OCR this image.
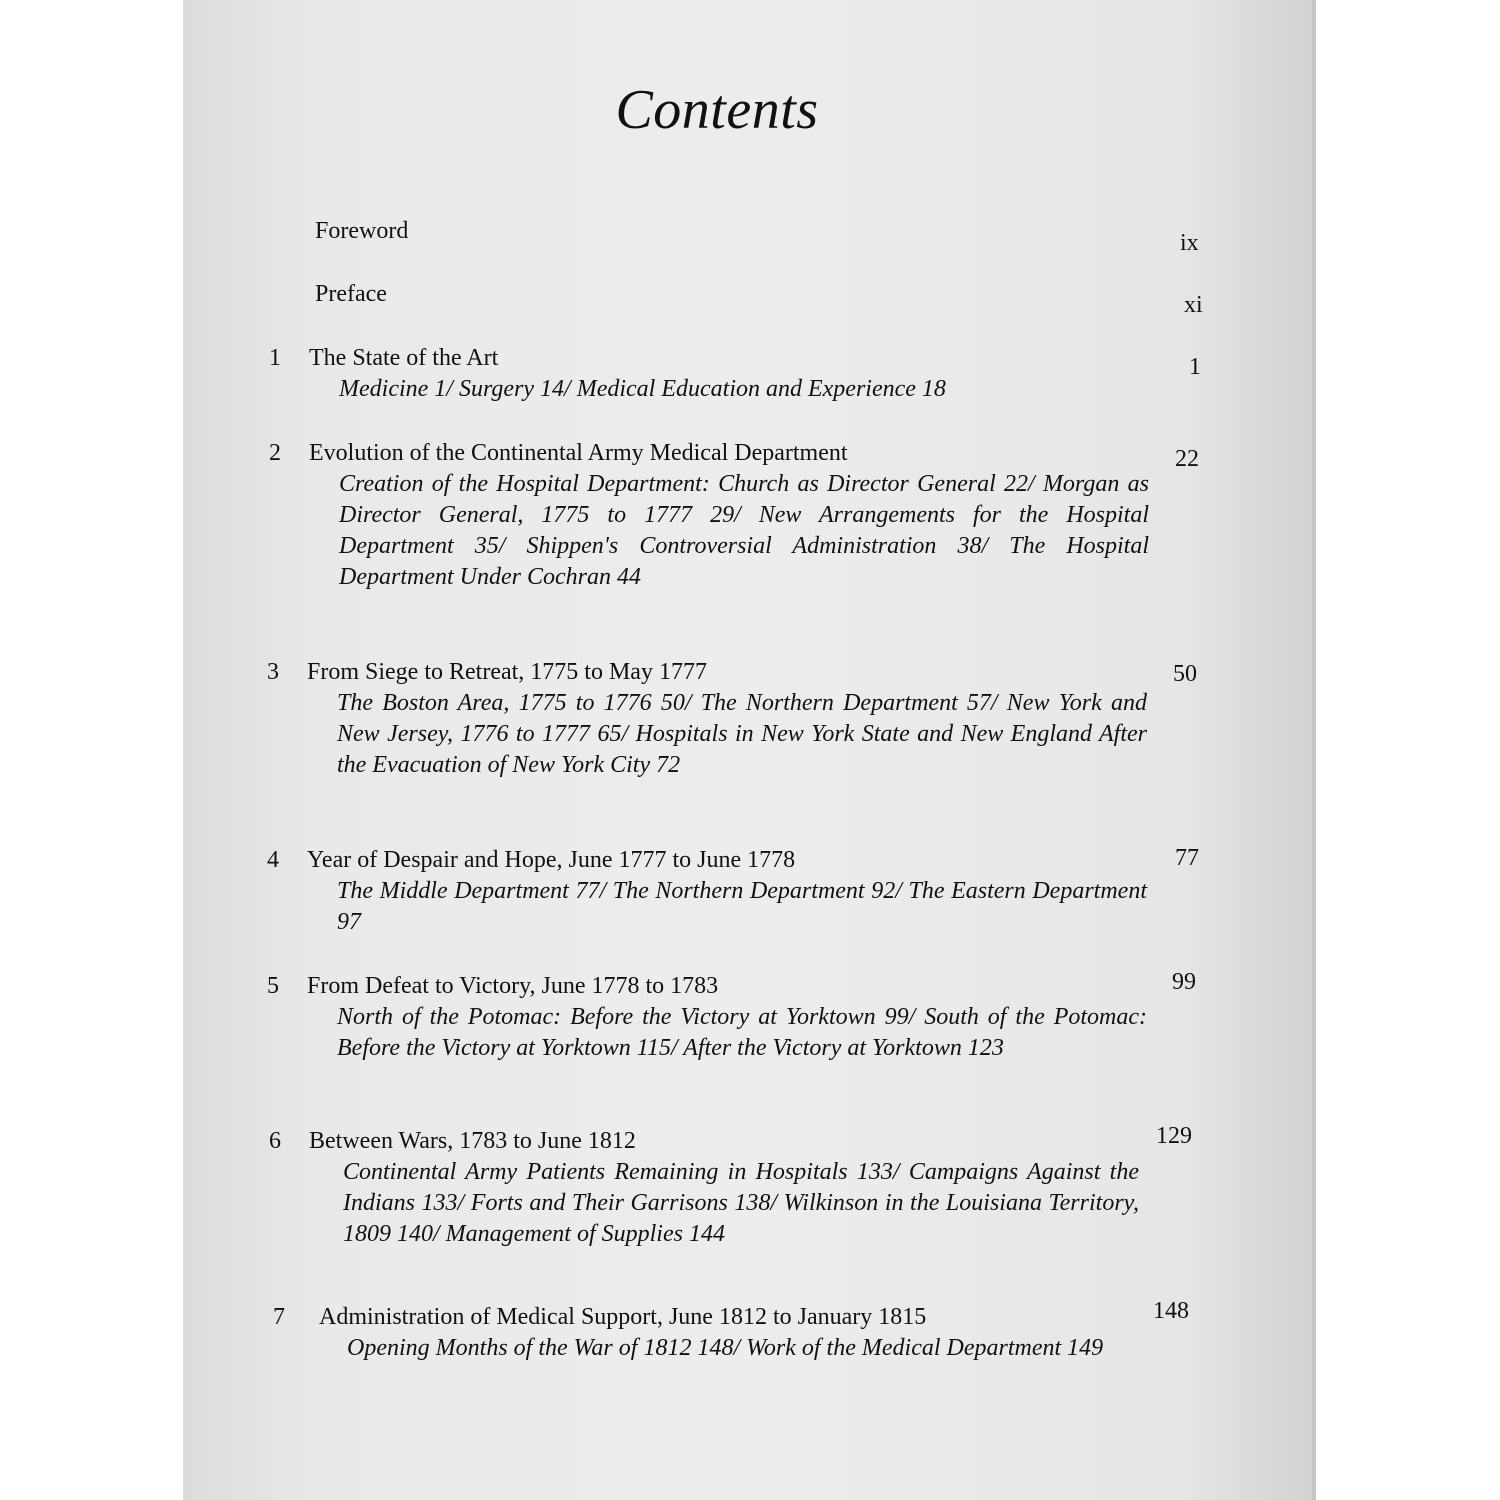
Contents
Foreword	ix
Preface	xi
1	The State of the Art	1
Medicine 1/ Surgery 14/ Medical Education and Experience 18
2	Evolution of the Continental Army Medical Department	22
Creation of the Hospital Department: Church as Director General 22/ Morgan as Director General, 1775 to 1777 29/ New Arrangements for the Hospital Department 35/ Shippen's Controversial Administration 38/ The Hospital Department Under Cochran 44
3	From Siege to Retreat, 1775 to May 1777	50
The Boston Area, 1775 to 1776 50/ The Northern Department 57/ New York and New Jersey, 1776 to 1777 65/ Hospitals in New York State and New England After the Evacuation of New York City 72
4	Year of Despair and Hope, June 1777 to June 1778	77
The Middle Department 77/ The Northern Department 92/ The Eastern Department 97
5	From Defeat to Victory, June 1778 to 1783	99
North of the Potomac: Before the Victory at Yorktown 99/ South of the Potomac: Before the Victory at Yorktown 115/ After the Victory at Yorktown 123
6	Between Wars, 1783 to June 1812	129
Continental Army Patients Remaining in Hospitals 133/ Campaigns Against the Indians 133/ Forts and Their Garrisons 138/ Wilkinson in the Louisiana Territory, 1809 140/ Management of Supplies 144
7	Administration of Medical Support, June 1812 to January 1815	148
Opening Months of the War of 1812 148/ Work of the Medical Department 149
